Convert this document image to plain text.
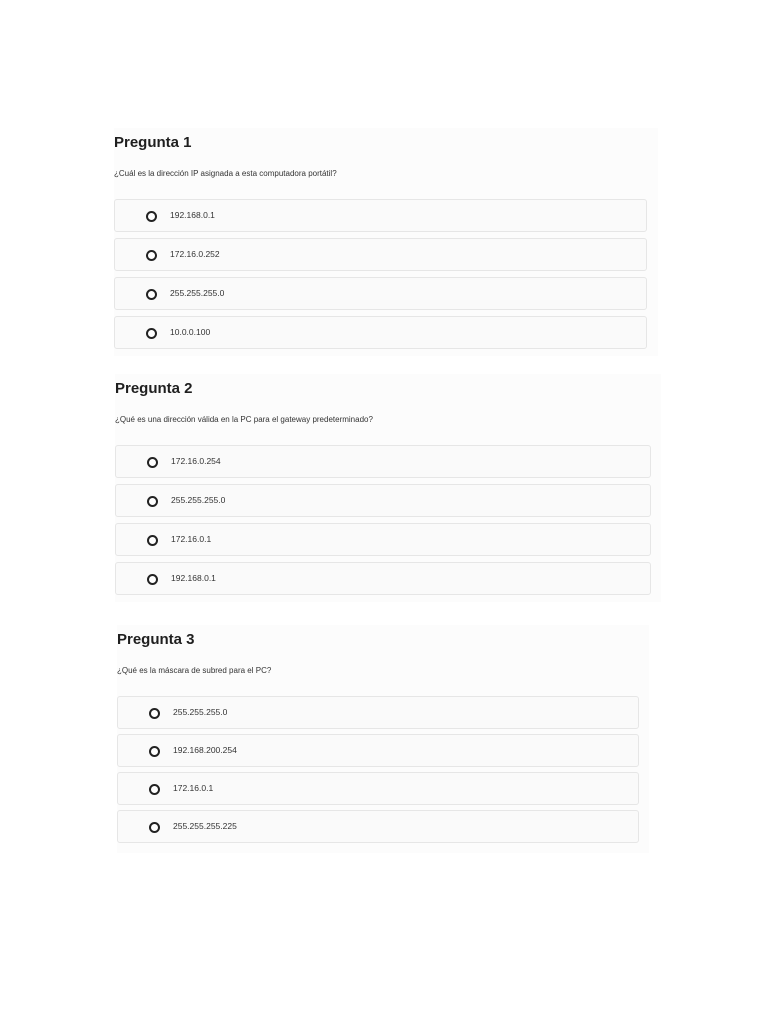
Pregunta 1

¿Cuál es la dirección IP asignada a esta computadora portátil?

192.168.0.1
172.16.0.252
255.255.255.0
10.0.0.100
Pregunta 2

¿Qué es una dirección válida en la PC para el gateway predeterminado?

172.16.0.254
255.255.255.0
172.16.0.1
192.168.0.1
Pregunta 3

¿Qué es la máscara de subred para el PC?

255.255.255.0
192.168.200.254
172.16.0.1
255.255.255.225
